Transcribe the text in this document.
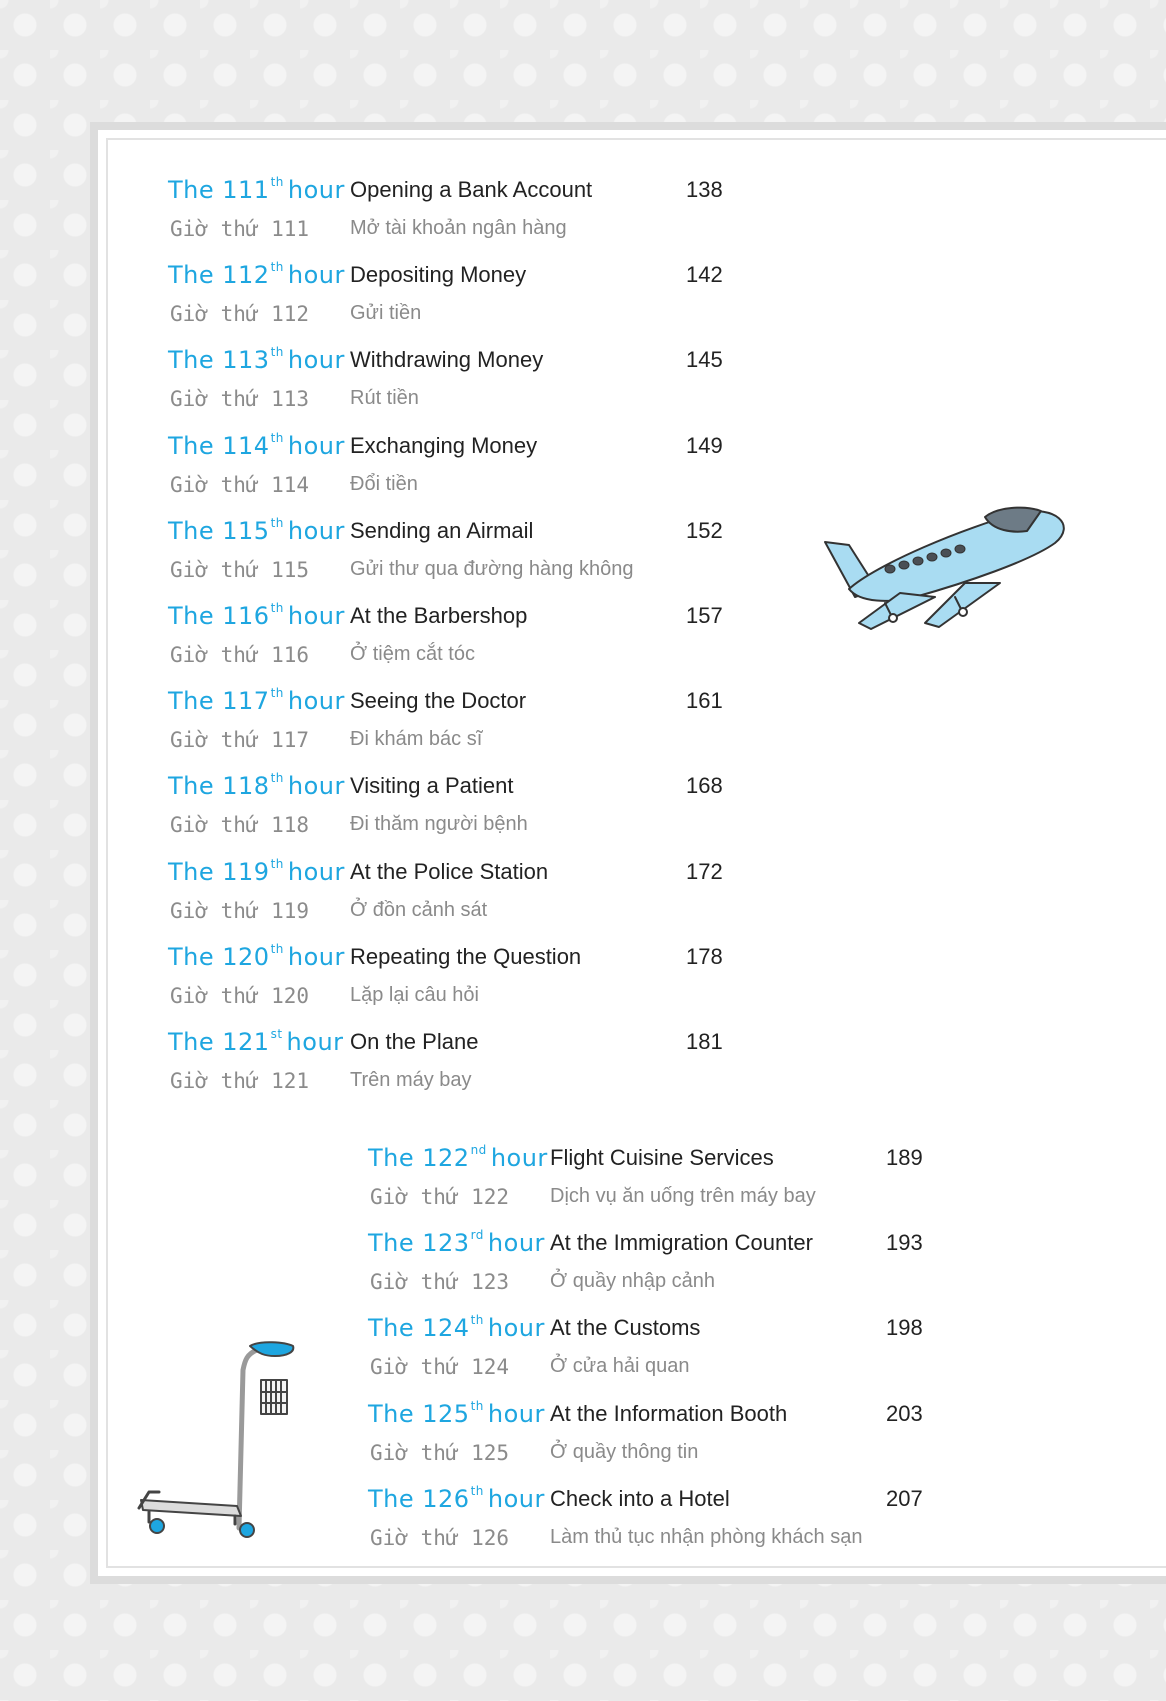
The 111th hour Opening a Bank Account	138
Giờ thứ 111 Mở tài khoản ngân hàng
The 112th hour Depositing Money	142
Giờ thứ 112 Gửi tiền
The 113th hour Withdrawing Money	145
Giờ thứ 113 Rút tiền
The 114th hour Exchanging Money	149
Giờ thứ 114 Đổi tiền
The 115th hour Sending an Airmail	152
Giờ thứ 115 Gửi thư qua đường hàng không
The 116th hour At the Barbershop	157
Giờ thứ 116 Ở tiệm cắt tóc
The 117th hour Seeing the Doctor	161
Giờ thứ 117 Đi khám bác sĩ
The 118th hour Visiting a Patient	168
Giờ thứ 118 Đi thăm người bệnh
The 119th hour At the Police Station	172
Giờ thứ 119 Ở đồn cảnh sát
The 120th hour Repeating the Question	178
Giờ thứ 120 Lặp lại câu hỏi
The 121st hour On the Plane	181
Giờ thứ 121 Trên máy bay
The 122nd hour Flight Cuisine Services	189
Giờ thứ 122 Dịch vụ ăn uống trên máy bay
The 123rd hour At the Immigration Counter	193
Giờ thứ 123 Ở quầy nhập cảnh
The 124th hour At the Customs	198
Giờ thứ 124 Ở cửa hải quan
The 125th hour At the Information Booth	203
Giờ thứ 125 Ở quầy thông tin
The 126th hour Check into a Hotel	207
Giờ thứ 126 Làm thủ tục nhận phòng khách sạn
